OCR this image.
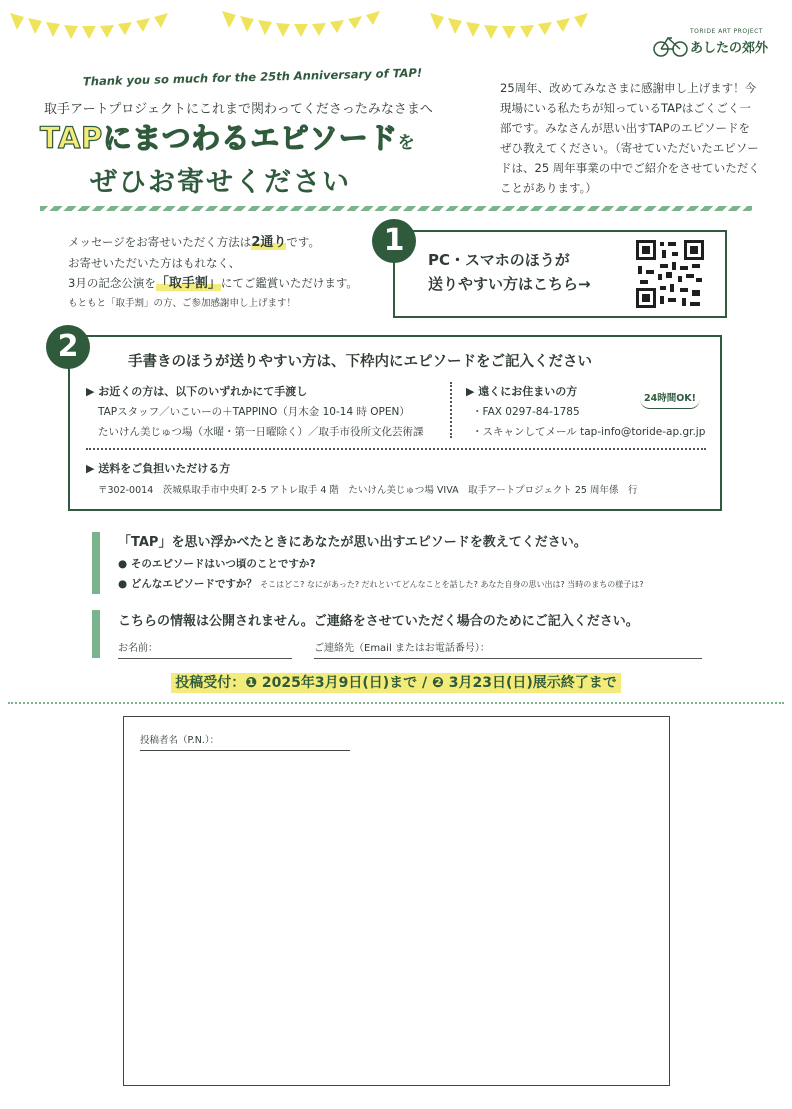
TORIDE ART PROJECT
あしたの郊外
Thank you so much for the 25th Anniversary of TAP!
取手アートプロジェクトにこれまで関わってくださったみなさまへ
TAPにまつわるエピソードを
ぜひお寄せください
25周年、改めてみなさまに感謝申し上げます！今現場にいる私たちが知っているTAPはごくごく一部です。みなさんが思い出すTAPのエピソードをぜひ教えてください。（寄せていただいたエピソードは、25 周年事業の中でご紹介をさせていただくことがあります。）
メッセージをお寄せいただく方法は2通りです。
お寄せいただいた方はもれなく、
3月の記念公演を「取手割」にてご鑑賞いただけます。
もともと「取手割」の方、ご参加感謝申し上げます！
1
PC・スマホのほうが
送りやすい方はこちら→
2	手書きのほうが送りやすい方は、下枠内にエピソードをご記入ください
▶ お近くの方は、以下のいずれかにて手渡し
TAPスタッフ／いこいーの＋TAPPINO（月木金 10-14 時 OPEN）
たいけん美じゅつ場（水曜・第一日曜除く）／取手市役所文化芸術課
▶ 遠くにお住まいの方
・FAX 0297-84-1785
・スキャンしてメール tap-info@toride-ap.gr.jp
24時間OK!
▶ 送料をご負担いただける方
〒302-0014　茨城県取手市中央町 2-5 アトレ取手 4 階　たいけん美じゅつ場 VIVA　取手アートプロジェクト 25 周年係　行
「TAP」を思い浮かべたときにあなたが思い出すエピソードを教えてください。
● そのエピソードはいつ頃のことですか?
● どんなエピソードですか？ そこはどこ? なにがあった? だれといてどんなことを話した? あなた自身の思い出は? 当時のまちの様子は?
こちらの情報は公開されません。ご連絡をさせていただく場合のためにご記入ください。
お名前：	ご連絡先（Email またはお電話番号）：
投稿受付：❶ 2025年3月9日(日)まで / ❷ 3月23日(日)展示終了まで
投稿者名（P.N.）：
